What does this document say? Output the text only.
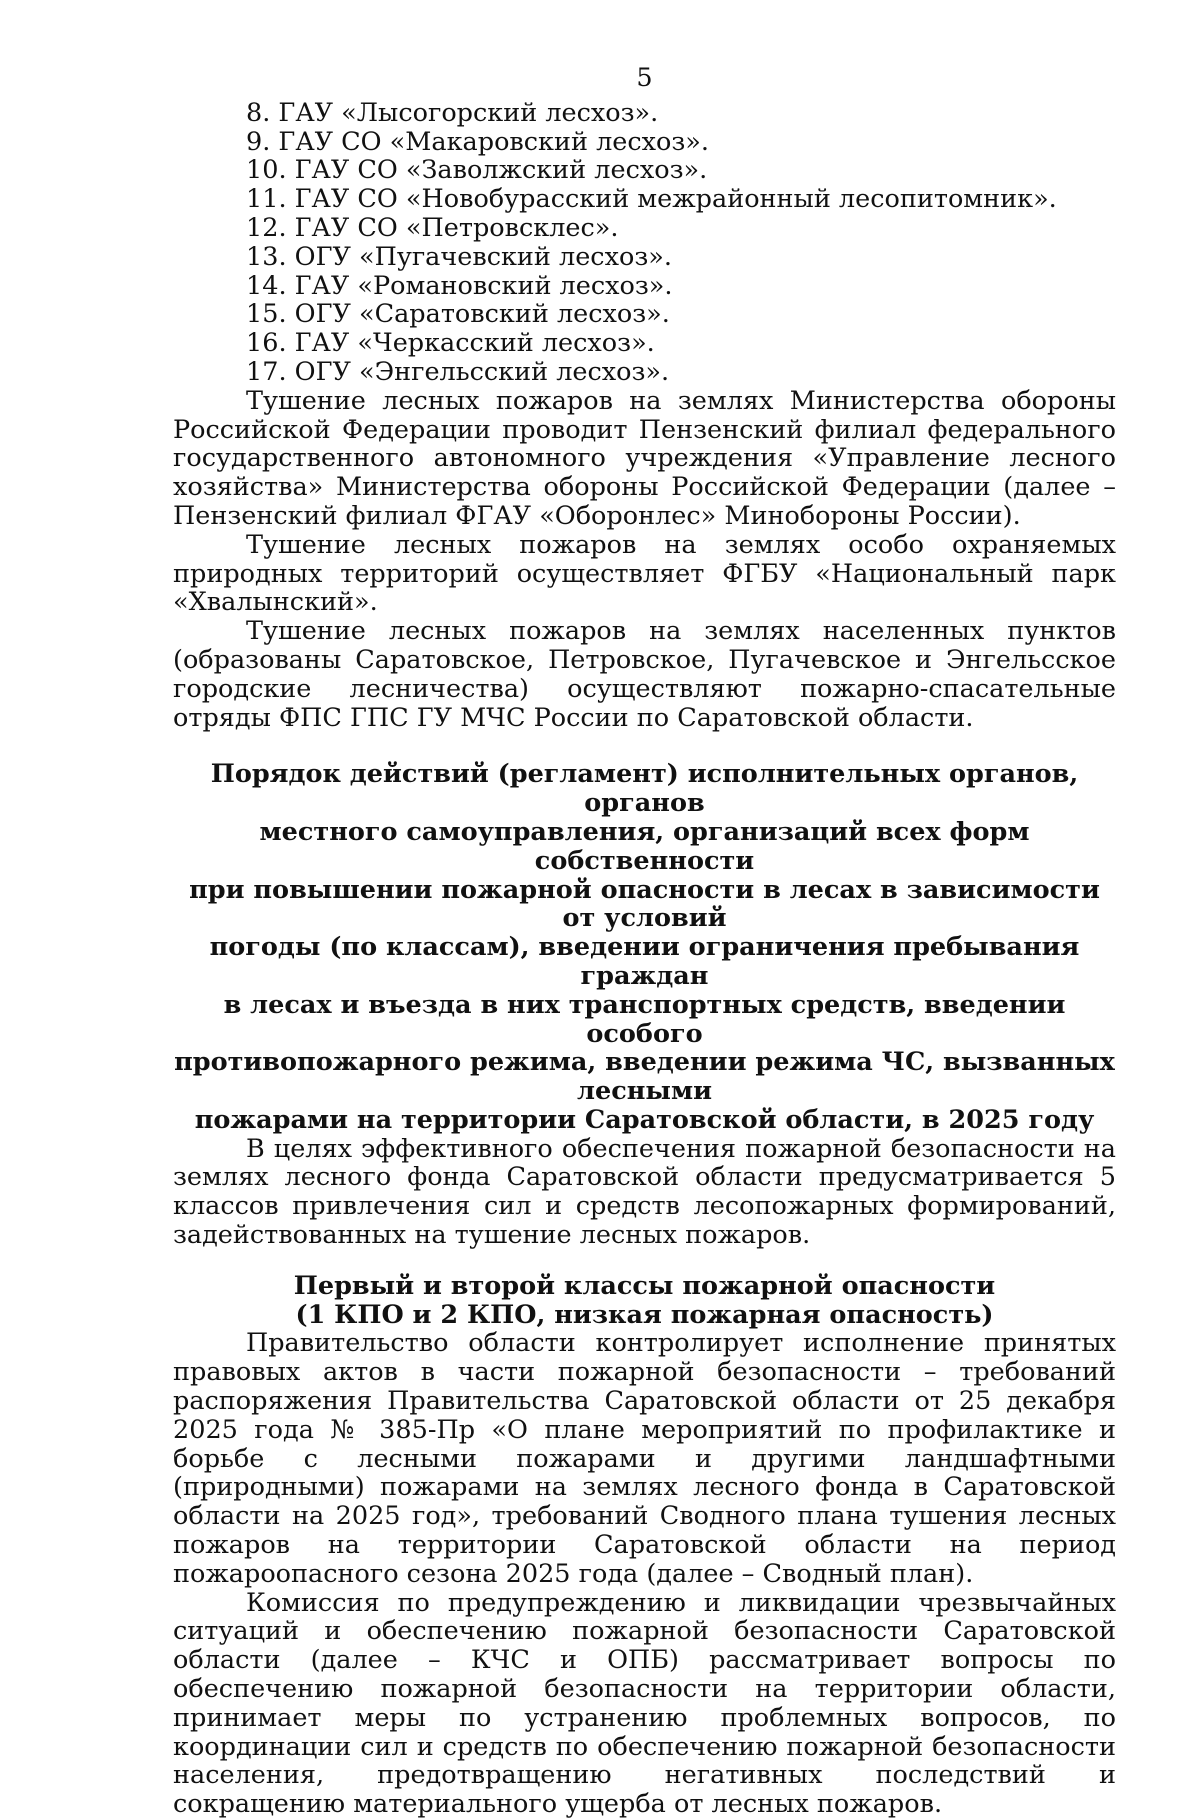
5
8. ГАУ «Лысогорский лесхоз».
9. ГАУ СО «Макаровский лесхоз».
10. ГАУ СО «Заволжский лесхоз».
11. ГАУ СО «Новобурасский межрайонный лесопитомник».
12. ГАУ СО «Петровсклес».
13. ОГУ «Пугачевский лесхоз».
14. ГАУ «Романовский лесхоз».
15. ОГУ «Саратовский лесхоз».
16. ГАУ «Черкасский лесхоз».
17. ОГУ «Энгельсский лесхоз».

Тушение лесных пожаров на землях Министерства обороны Российской Федерации проводит Пензенский филиал федерального государственного автономного учреждения «Управление лесного хозяйства» Министерства обороны Российской Федерации (далее – Пензенский филиал ФГАУ «Оборонлес» Минобороны России).

Тушение лесных пожаров на землях особо охраняемых природных территорий осуществляет ФГБУ «Национальный парк «Хвалынский».

Тушение лесных пожаров на землях населенных пунктов (образованы Саратовское, Петровское, Пугачевское и Энгельсское городские лесничества) осуществляют пожарно-спасательные отряды ФПС ГПС ГУ МЧС России по Саратовской области.

Порядок действий (регламент) исполнительных органов, органов
местного самоуправления, организаций всех форм собственности
при повышении пожарной опасности в лесах в зависимости от условий
погоды (по классам), введении ограничения пребывания граждан
в лесах и въезда в них транспортных средств, введении особого
противопожарного режима, введении режима ЧС, вызванных лесными
пожарами на территории Саратовской области, в 2025 году

В целях эффективного обеспечения пожарной безопасности на землях лесного фонда Саратовской области предусматривается 5 классов привлечения сил и средств лесопожарных формирований, задействованных на тушение лесных пожаров.

Первый и второй классы пожарной опасности
(1 КПО и 2 КПО, низкая пожарная опасность)

Правительство области контролирует исполнение принятых правовых актов в части пожарной безопасности – требований распоряжения Правительства Саратовской области от 25 декабря 2025 года № 385-Пр «О плане мероприятий по профилактике и борьбе с лесными пожарами и другими ландшафтными (природными) пожарами на землях лесного фонда в Саратовской области на 2025 год», требований Сводного плана тушения лесных пожаров на территории Саратовской области на период пожароопасного сезона 2025 года (далее – Сводный план).

Комиссия по предупреждению и ликвидации чрезвычайных ситуаций и обеспечению пожарной безопасности Саратовской области (далее – КЧС и ОПБ) рассматривает вопросы по обеспечению пожарной безопасности на территории области, принимает меры по устранению проблемных вопросов, по координации сил и средств по обеспечению пожарной безопасности населения, предотвращению негативных последствий и сокращению материального ущерба от лесных пожаров.
